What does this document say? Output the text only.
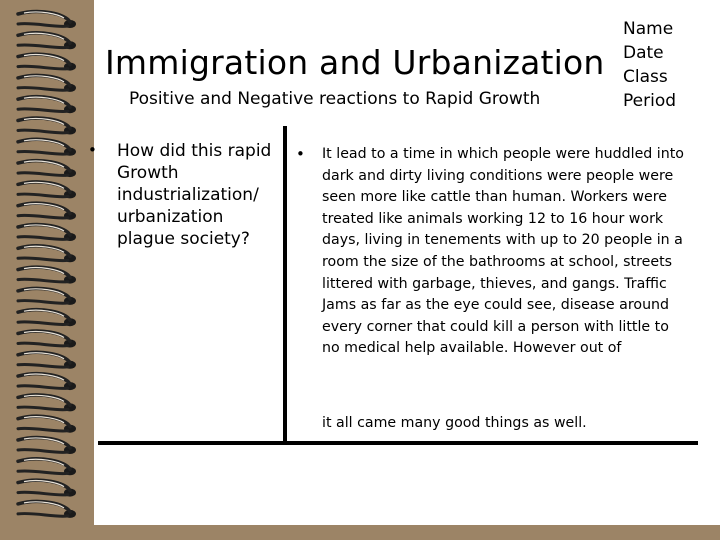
Immigration and Urbanization
Positive and Negative reactions to Rapid Growth
Name
Date
Class
Period
• How did this rapid Growth industrialization/ urbanization plague society?
• It lead to a time in which people were huddled into dark and dirty living conditions were people were seen more like cattle than human. Workers were treated like animals working 12 to 16 hour work days, living in tenements with up to 20 people in a room the size of the bathrooms at school, streets littered with garbage, thieves, and gangs. Traffic Jams as far as the eye could see, disease around every corner that could kill a person with little to no medical help available. However out of
it all came many good things as well.
